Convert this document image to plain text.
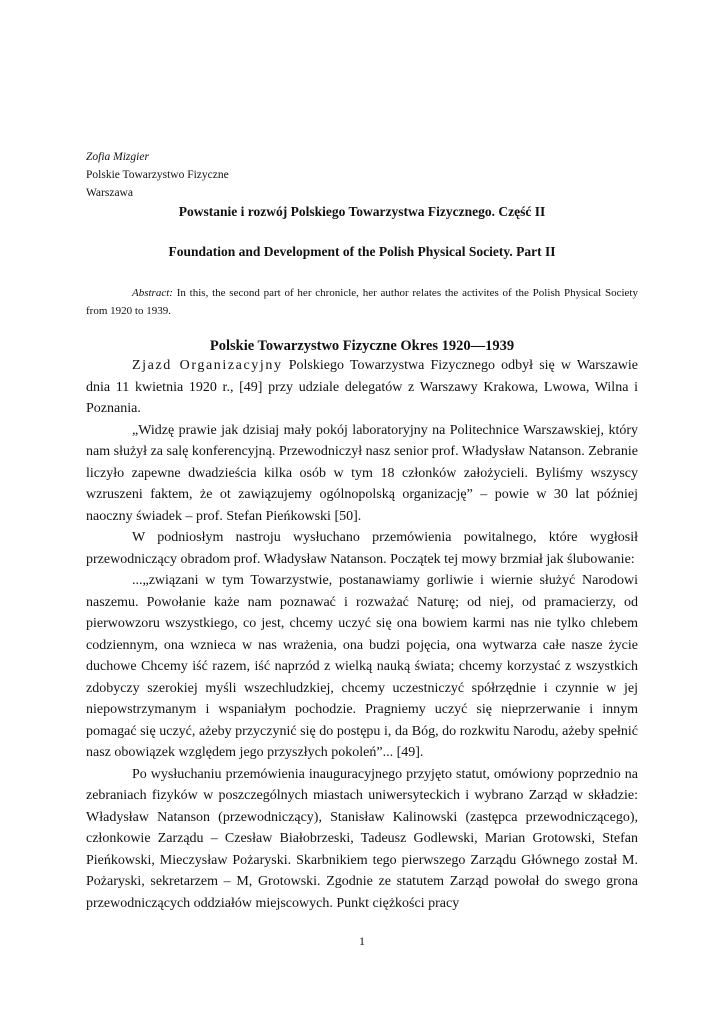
Zofia Mizgier
Polskie Towarzystwo Fizyczne
Warszawa
Powstanie i rozwój Polskiego Towarzystwa Fizycznego. Część II
Foundation and Development of the Polish Physical Society. Part II
Abstract: In this, the second part of her chronicle, her author relates the activites of the Polish Physical Society from 1920 to 1939.
Polskie Towarzystwo Fizyczne Okres 1920—1939

Zjazd Organizacyjny Polskiego Towarzystwa Fizycznego odbył się w Warszawie dnia 11 kwietnia 1920 r., [49] przy udziale delegatów z Warszawy Krakowa, Lwowa, Wilna i Poznania.

„Widzę prawie jak dzisiaj mały pokój laboratoryjny na Politechnice Warszawskiej, który nam służył za salę konferencyjną. Przewodniczył nasz senior prof. Władysław Natanson. Zebranie liczyło zapewne dwadzieścia kilka osób w tym 18 członków założycieli. Byliśmy wszyscy wzruszeni faktem, że ot zawiązujemy ogólnopolską organizację” – powie w 30 lat później naoczny świadek – prof. Stefan Pieńkowski [50].

W podniosłym nastroju wysłuchano przemówienia powitalnego, które wygłosił przewodniczący obradom prof. Władysław Natanson. Początek tej mowy brzmiał jak ślubowanie:

...„związani w tym Towarzystwie, postanawiamy gorliwie i wiernie służyć Narodowi naszemu. Powołanie każe nam poznawać i rozważać Naturę; od niej, od pramacierzy, od pierwowzoru wszystkiego, co jest, chcemy uczyć się ona bowiem karmi nas nie tylko chlebem codziennym, ona wznieca w nas wrażenia, ona budzi pojęcia, ona wytwarza całe nasze życie duchowe Chcemy iść razem, iść naprzód z wielką nauką świata; chcemy korzystać z wszystkich zdobyczy szerokiej myśli wszechludzkiej, chcemy uczestniczyć spółrzędnie i czynnie w jej niepowstrzymanym i wspaniałym pochodzie. Pragniemy uczyć się nieprzerwanie i innym pomagać się uczyć, ażeby przyczynić się do postępu i, da Bóg, do rozkwitu Narodu, ażeby spełnić nasz obowiązek względem jego przyszłych pokoleń”... [49].

Po wysłuchaniu przemówienia inauguracyjnego przyjęto statut, omówiony poprzednio na zebraniach fizyków w poszczególnych miastach uniwersyteckich i wybrano Zarząd w składzie: Władysław Natanson (przewodniczący), Stanisław Kalinowski (zastępca przewodniczącego), członkowie Zarządu – Czesław Białobrzeski, Tadeusz Godlewski, Marian Grotowski, Stefan Pieńkowski, Mieczysław Pożaryski. Skarbnikiem tego pierwszego Zarządu Głównego został M. Pożaryski, sekretarzem – M, Grotowski. Zgodnie ze statutem Zarząd powołał do swego grona przewodniczących oddziałów miejscowych. Punkt ciężkości pracy

1
